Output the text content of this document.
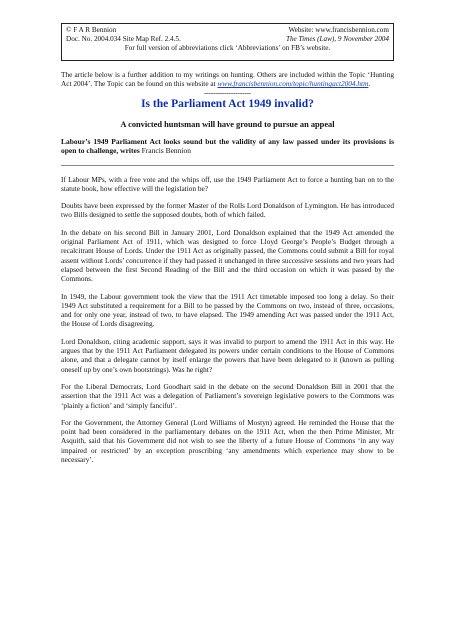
© F A R Bennion	Website: www.francisbennion.com
Doc. No. 2004.034 Site Map Ref. 2.4.5.	The Times (Law), 9 November 2004
For full version of abbreviations click ‘Abbreviations’ on FB’s website.

The article below is a further addition to my writings on hunting. Others are included within the Topic ‘Hunting Act 2004’. The Topic can be found on this website at www.francisbennion.com/topic/huntingact2004.htm.

---------------------

Is the Parliament Act 1949 invalid?
A convicted huntsman will have ground to pursue an appeal
Labour’s 1949 Parliament Act looks sound but the validity of any law passed under its provisions is open to challenge, writes Francis Bennion

If Labour MPs, with a free vote and the whips off, use the 1949 Parliament Act to force a hunting ban on to the statute book, how effective will the legislation be?

Doubts have been expressed by the former Master of the Rolls Lord Donaldson of Lymington. He has introduced two Bills designed to settle the supposed doubts, both of which failed.

In the debate on his second Bill in January 2001, Lord Donaldson explained that the 1949 Act amended the original Parliament Act of 1911, which was designed to force Lloyd George’s People’s Budget through a recalcitrant House of Lords. Under the 1911 Act as originally passed, the Commons could submit a Bill for royal assent without Lords’ concurrence if they had passed it unchanged in three successive sessions and two years had elapsed between the first Second Reading of the Bill and the third occasion on which it was passed by the Commons.

In 1949, the Labour government took the view that the 1911 Act timetable imposed too long a delay. So their 1949 Act substituted a requirement for a Bill to be passed by the Commons on two, instead of three, occasions, and for only one year, instead of two, to have elapsed. The 1949 amending Act was passed under the 1911 Act, the House of Lords disagreeing.

Lord Donaldson, citing academic support, says it was invalid to purport to amend the 1911 Act in this way. He argues that by the 1911 Act Parliament delegated its powers under certain conditions to the House of Commons alone, and that a delegate cannot by itself enlarge the powers that have been delegated to it (known as pulling oneself up by one’s own bootstrings). Was he right?

For the Liberal Democrats, Lord Goodhart said in the debate on the second Donaldson Bill in 2001 that the assertion that the 1911 Act was a delegation of Parliament’s sovereign legislative powers to the Commons was ‘plainly a fiction’ and ‘simply fanciful’.

For the Government, the Attorney General (Lord Williams of Mostyn) agreed. He reminded the House that the point had been considered in the parliamentary debates on the 1911 Act, when the then Prime Minister, Mr Asquith, said that his Government did not wish to see the liberty of a future House of Commons ‘in any way impaired or restricted’ by an exception proscribing ‘any amendments which experience may show to be necessary’.
